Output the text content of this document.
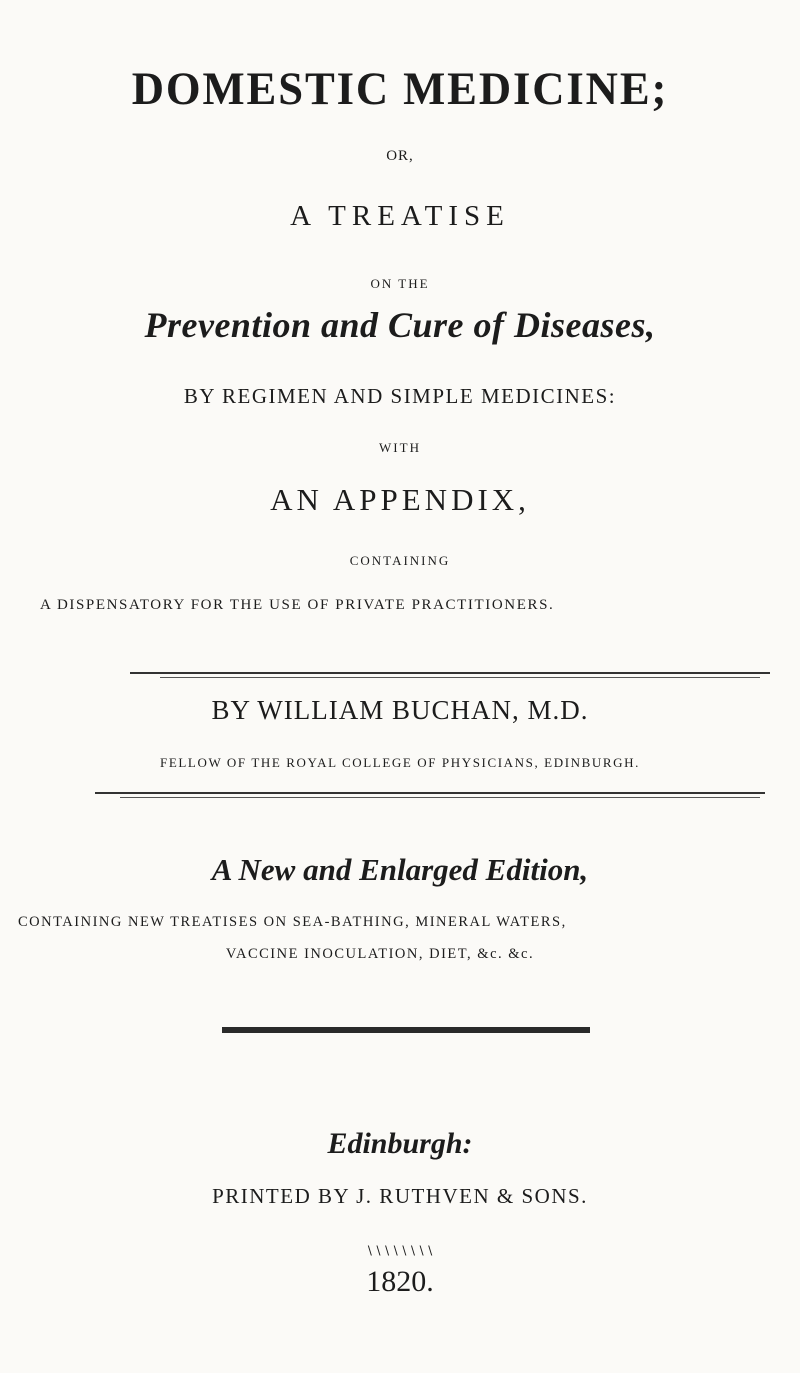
DOMESTIC MEDICINE;
OR,
A TREATISE
ON THE
Prevention and Cure of Diseases,
BY REGIMEN AND SIMPLE MEDICINES:
WITH
AN APPENDIX,
CONTAINING
A DISPENSATORY FOR THE USE OF PRIVATE PRACTITIONERS.
BY WILLIAM BUCHAN, M.D.
FELLOW OF THE ROYAL COLLEGE OF PHYSICIANS, EDINBURGH.
A New and Enlarged Edition,
CONTAINING NEW TREATISES ON SEA-BATHING, MINERAL WATERS,
VACCINE INOCULATION, DIET, &c. &c.
Edinburgh:
PRINTED BY J. RUTHVEN & SONS.
∖∖∖∖∖∖∖∖
1820.
